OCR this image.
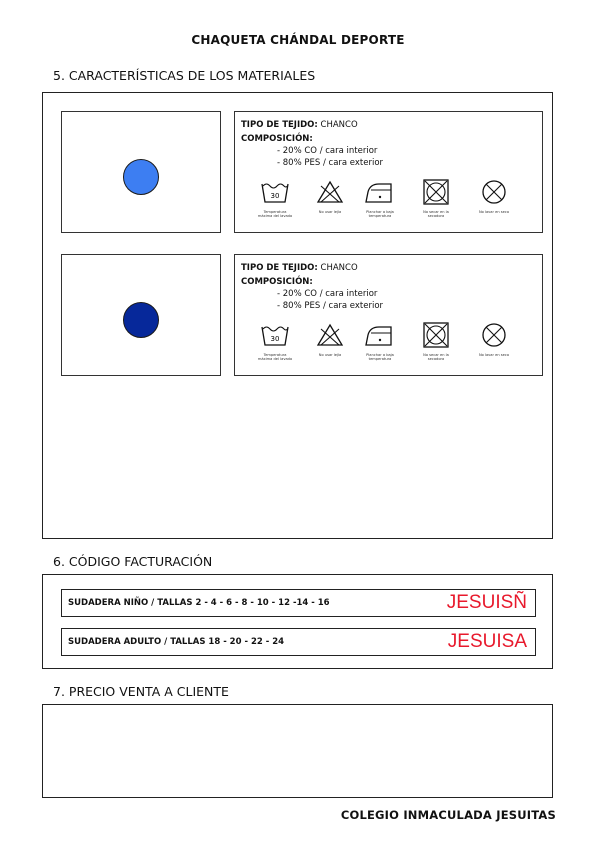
CHAQUETA CHÁNDAL DEPORTE
5. CARACTERÍSTICAS DE LOS MATERIALES
TIPO DE TEJIDO: CHANCO
COMPOSICIÓN:
- 20% CO / cara interior
- 80% PES / cara exterior
30
Temperatura máxima del lavado
No usar lejía	Planchar a baja temperatura
No secar en la secadora
No lavar en seco
TIPO DE TEJIDO: CHANCO
COMPOSICIÓN:
- 20% CO / cara interior
- 80% PES / cara exterior
30
Temperatura máxima del lavado
No usar lejía	Planchar a baja temperatura
No secar en la secadora
No lavar en seco
6. CÓDIGO FACTURACIÓN
SUDADERA NIÑO / TALLAS 2 - 4 - 6 - 8 - 10 - 12 -14 - 16	JESUISÑ
SUDADERA ADULTO / TALLAS 18 - 20 - 22 - 24	JESUISA
7. PRECIO VENTA A CLIENTE
COLEGIO INMACULADA JESUITAS
